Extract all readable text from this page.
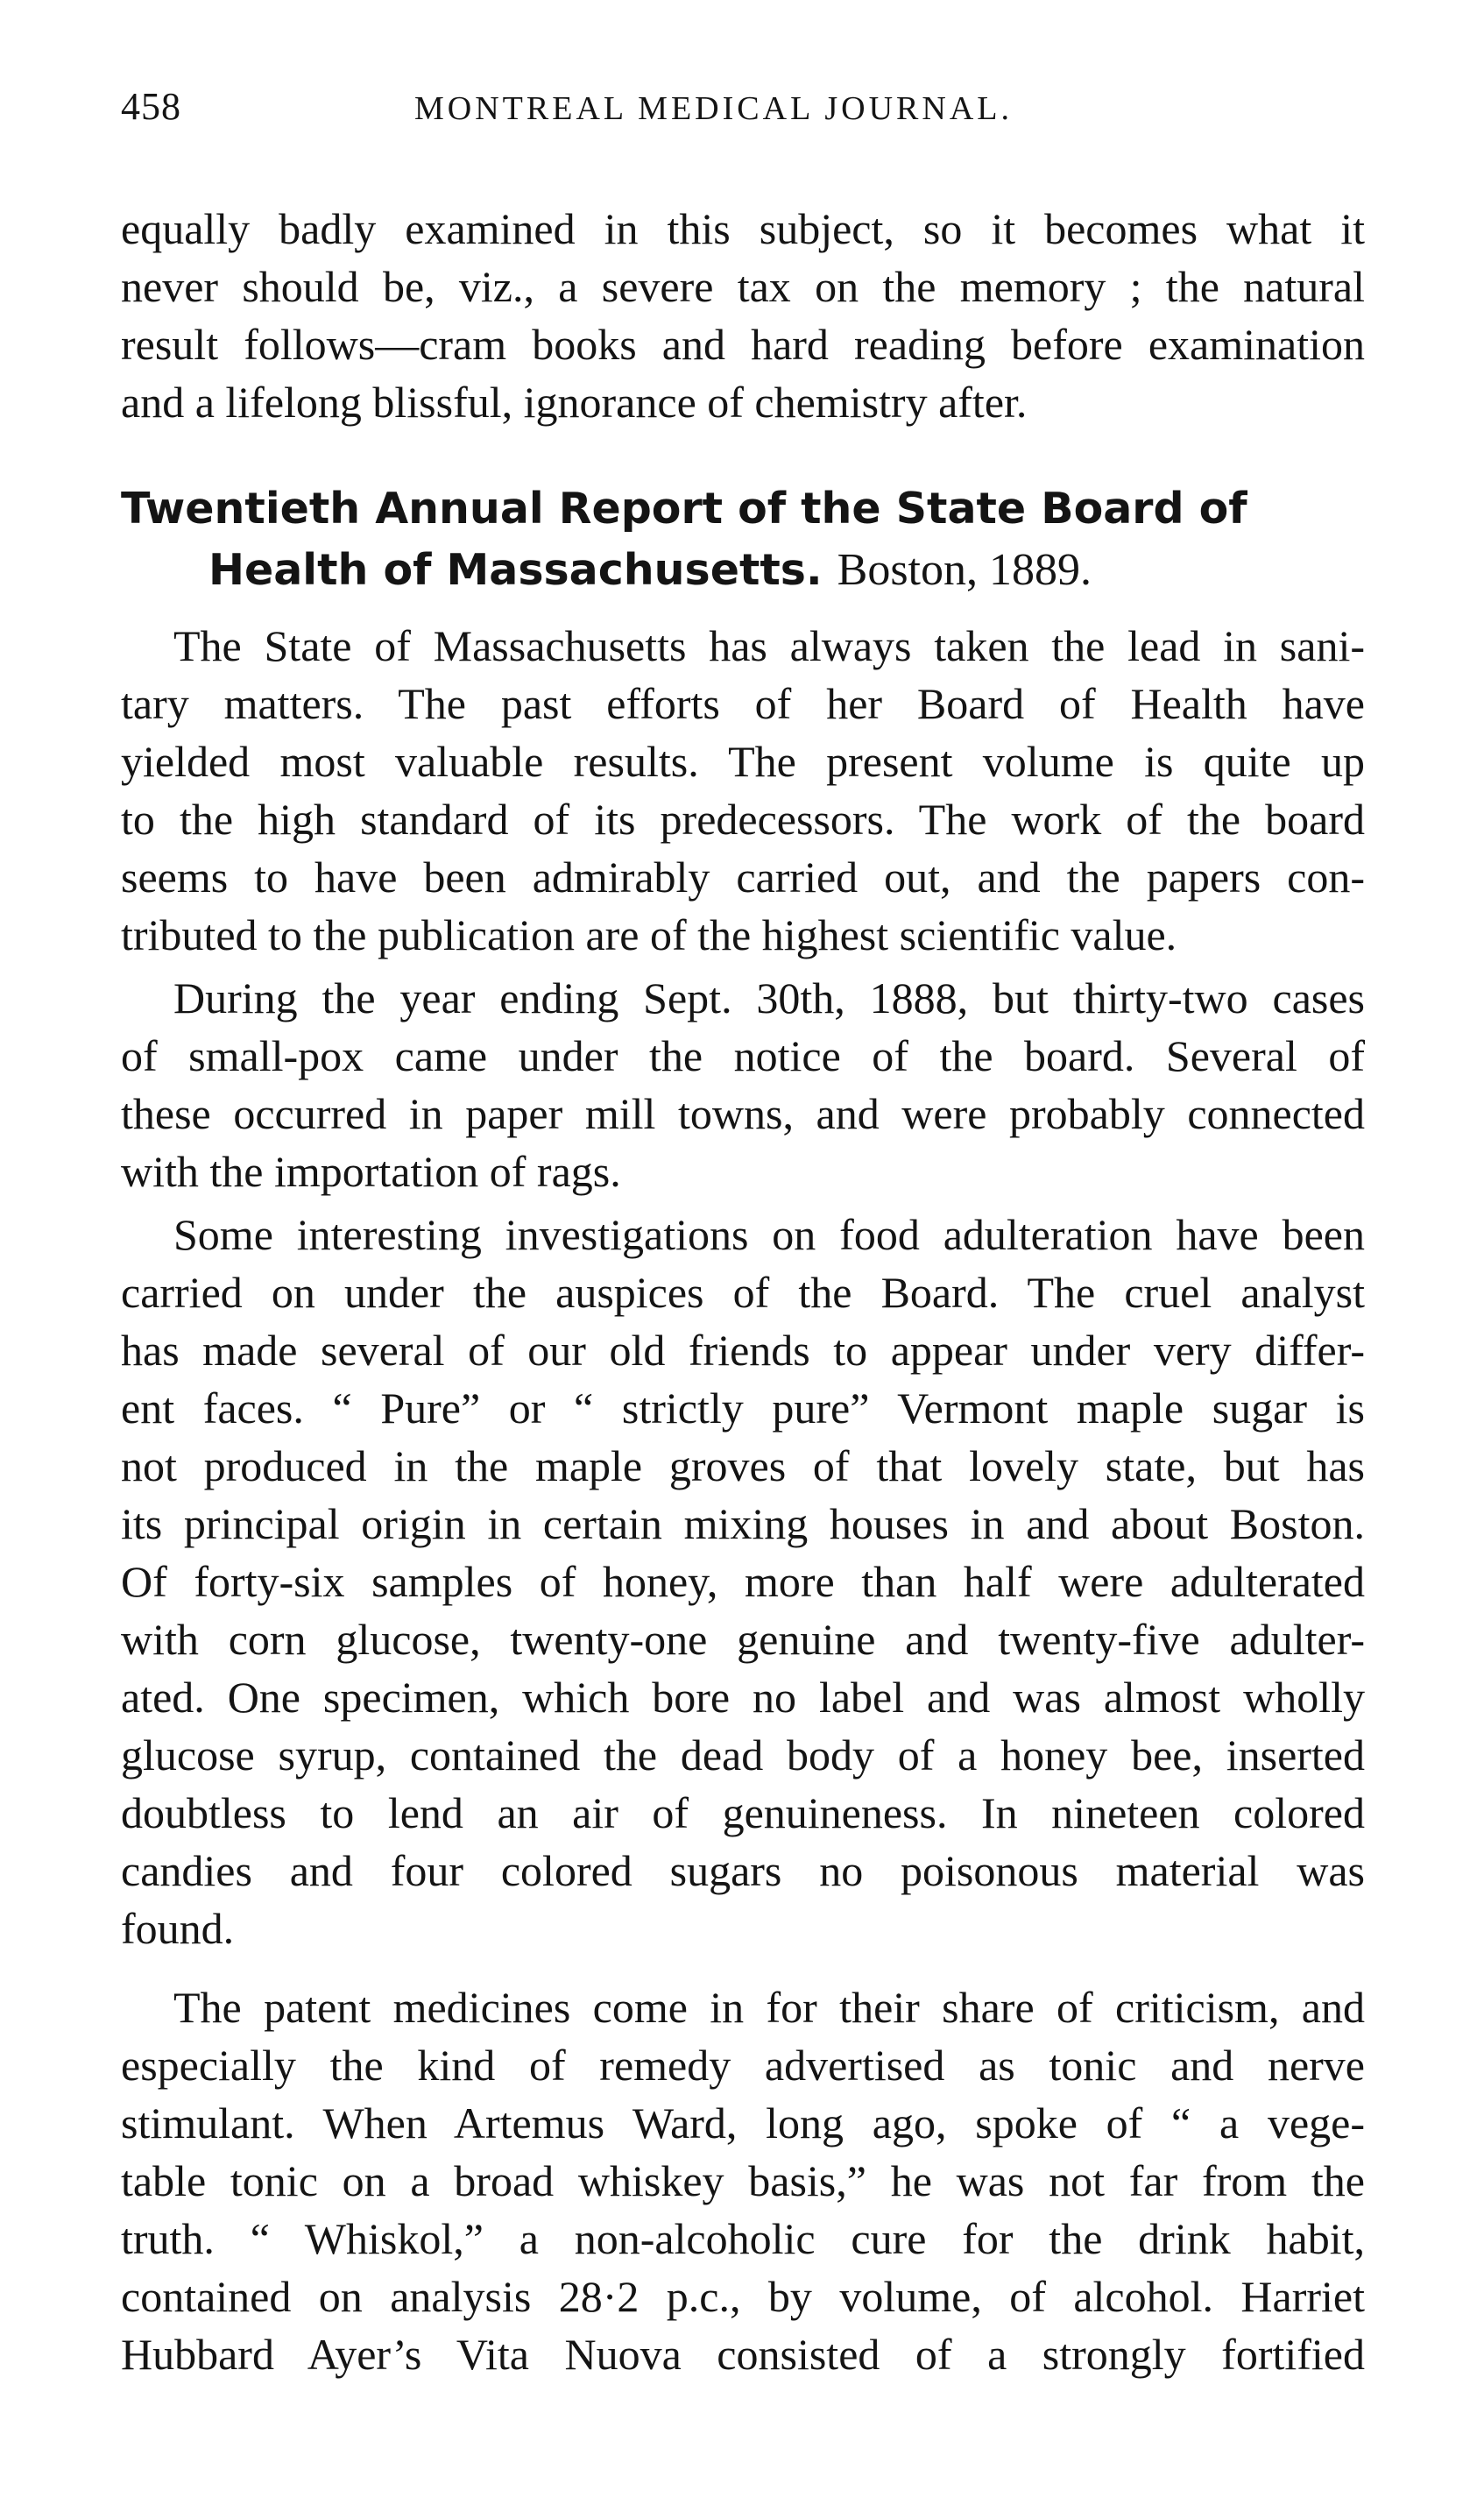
458	MONTREAL MEDICAL JOURNAL.

equally badly examined in this subject, so it becomes what it
never should be, viz., a severe tax on the memory ; the natural
result follows—cram books and hard reading before examination
and a lifelong blissful, ignorance of chemistry after.

Twentieth Annual Report of the State Board of
Health of Massachusetts. Boston, 1889.

The State of Massachusetts has always taken the lead in sani-
tary matters. The past efforts of her Board of Health have
yielded most valuable results. The present volume is quite up
to the high standard of its predecessors. The work of the board
seems to have been admirably carried out, and the papers con-
tributed to the publication are of the highest scientific value.

During the year ending Sept. 30th, 1888, but thirty-two cases
of small-pox came under the notice of the board. Several of
these occurred in paper mill towns, and were probably connected
with the importation of rags.

Some interesting investigations on food adulteration have been
carried on under the auspices of the Board. The cruel analyst
has made several of our old friends to appear under very differ-
ent faces. “ Pure” or “ strictly pure” Vermont maple sugar is
not produced in the maple groves of that lovely state, but has
its principal origin in certain mixing houses in and about Boston.
Of forty-six samples of honey, more than half were adulterated
with corn glucose, twenty-one genuine and twenty-five adulter-
ated. One specimen, which bore no label and was almost wholly
glucose syrup, contained the dead body of a honey bee, inserted
doubtless to lend an air of genuineness. In nineteen colored
candies and four colored sugars no poisonous material was
found.

The patent medicines come in for their share of criticism, and
especially the kind of remedy advertised as tonic and nerve
stimulant. When Artemus Ward, long ago, spoke of “ a vege-
table tonic on a broad whiskey basis,” he was not far from the
truth. “ Whiskol,” a non-alcoholic cure for the drink habit,
contained on analysis 28·2 p.c., by volume, of alcohol. Harriet
Hubbard Ayer’s Vita Nuova consisted of a strongly fortified
